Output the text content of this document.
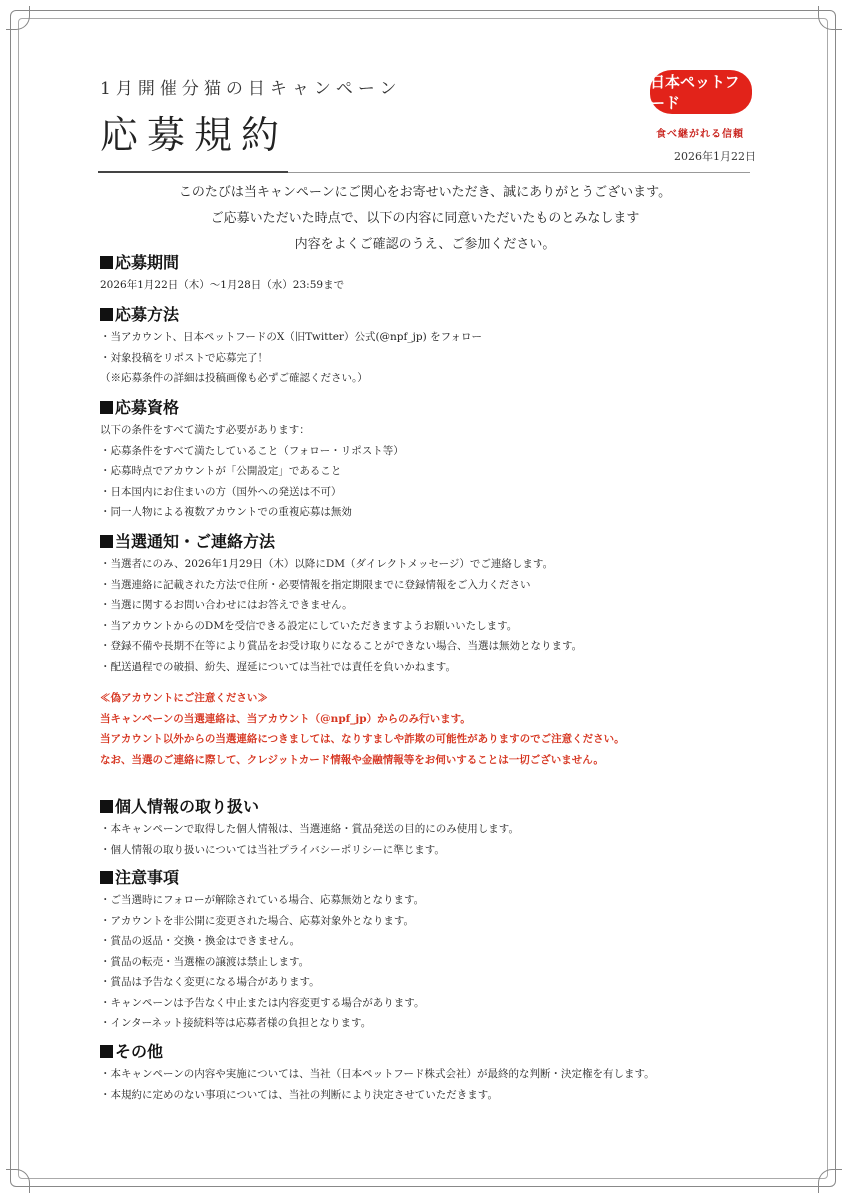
1月開催分猫の日キャンペーン
応募規約
日本ペットフード
食べ継がれる信頼
2026年1月22日
このたびは当キャンペーンにご関心をお寄せいただき、誠にありがとうございます。
ご応募いただいた時点で、以下の内容に同意いただいたものとみなします
内容をよくご確認のうえ、ご参加ください。
応募期間
2026年1月22日（木）～1月28日（水）23:59まで
応募方法
・当アカウント、日本ペットフードのX（旧Twitter）公式(@npf_jp) をフォロー
・対象投稿をリポストで応募完了！
（※応募条件の詳細は投稿画像も必ずご確認ください。）
応募資格
以下の条件をすべて満たす必要があります：
・応募条件をすべて満たしていること（フォロー・リポスト等）
・応募時点でアカウントが「公開設定」であること
・日本国内にお住まいの方（国外への発送は不可）
・同一人物による複数アカウントでの重複応募は無効
当選通知・ご連絡方法
・当選者にのみ、2026年1月29日（木）以降にDM（ダイレクトメッセージ）でご連絡します。
・当選連絡に記載された方法で住所・必要情報を指定期限までに登録情報をご入力ください
・当選に関するお問い合わせにはお答えできません。
・当アカウントからのDMを受信できる設定にしていただきますようお願いいたします。
・登録不備や長期不在等により賞品をお受け取りになることができない場合、当選は無効となります。
・配送過程での破損、紛失、遅延については当社では責任を負いかねます。
≪偽アカウントにご注意ください≫
当キャンペーンの当選連絡は、当アカウント（@npf_jp）からのみ行います。
当アカウント以外からの当選連絡につきましては、なりすましや詐欺の可能性がありますのでご注意ください。
なお、当選のご連絡に際して、クレジットカード情報や金融情報等をお伺いすることは一切ございません。
個人情報の取り扱い
・本キャンペーンで取得した個人情報は、当選連絡・賞品発送の目的にのみ使用します。
・個人情報の取り扱いについては当社プライバシーポリシーに準じます。
注意事項
・ご当選時にフォローが解除されている場合、応募無効となります。
・アカウントを非公開に変更された場合、応募対象外となります。
・賞品の返品・交換・換金はできません。
・賞品の転売・当選権の譲渡は禁止します。
・賞品は予告なく変更になる場合があります。
・キャンペーンは予告なく中止または内容変更する場合があります。
・インターネット接続料等は応募者様の負担となります。
その他
・本キャンペーンの内容や実施については、当社（日本ペットフード株式会社）が最終的な判断・決定権を有します。
・本規約に定めのない事項については、当社の判断により決定させていただきます。
